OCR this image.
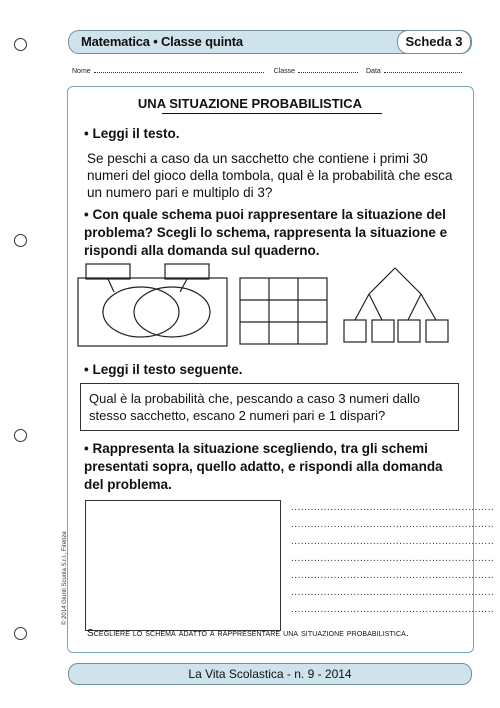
Matematica • Classe quinta	Scheda 3
Nome	Classe	Data
UNA SITUAZIONE PROBABILISTICA
• Leggi il testo.
Se peschi a caso da un sacchetto che contiene i primi 30 numeri del gioco della tombola, qual è la probabilità che esca un numero pari e multiplo di 3?
• Con quale schema puoi rappresentare la situazione del problema? Scegli lo schema, rappresenta la situazione e rispondi alla domanda sul quaderno.
• Leggi il testo seguente.
Qual è la probabilità che, pescando a caso 3 numeri dallo stesso sacchetto, escano 2 numeri pari e 1 dispari?
• Rappresenta la situazione scegliendo, tra gli schemi presentati sopra, quello adatto, e rispondi alla domanda del problema.
..............................................................
..............................................................
..............................................................
..............................................................
..............................................................
..............................................................
..............................................................
Scegliere lo schema adatto a rappresentare una situazione probabilistica.
© 2014 Giunti Scuola S.r.l., Firenze
La Vita Scolastica - n. 9 - 2014
